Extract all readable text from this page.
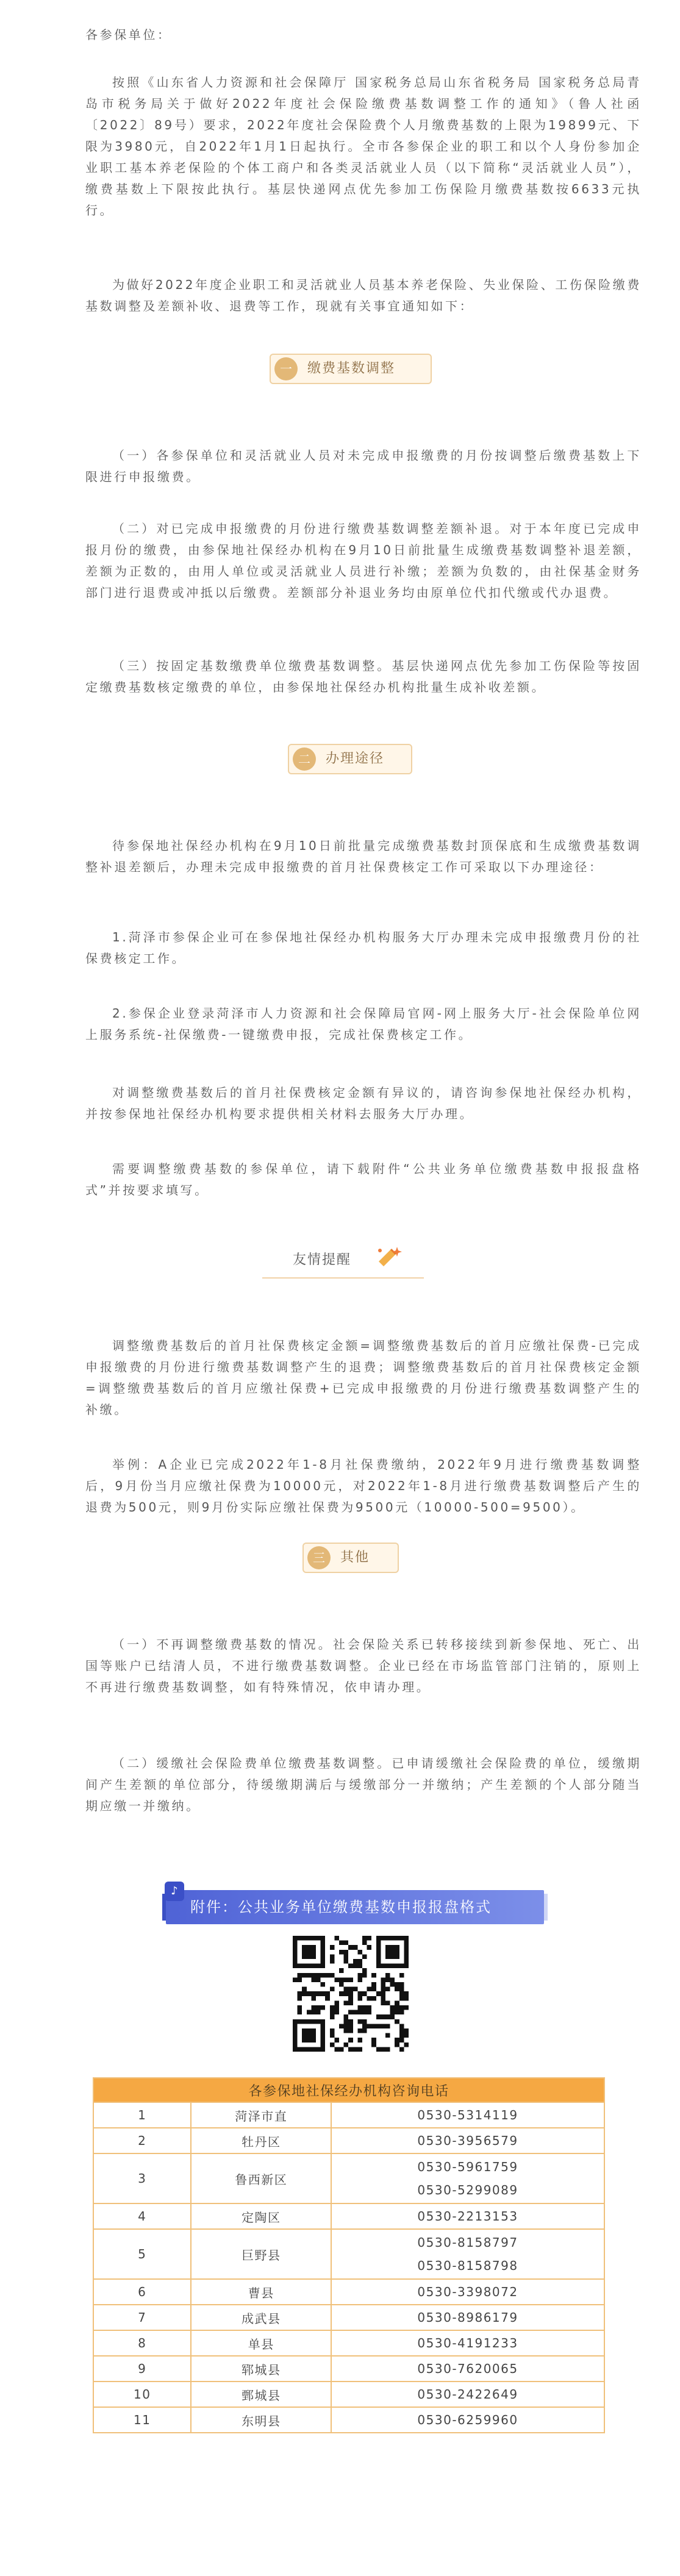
各参保单位：

按照《山东省人力资源和社会保障厅 国家税务总局山东省税务局 国家税务总局青岛市税务局关于做好2022年度社会保险缴费基数调整工作的通知》（鲁人社函〔2022〕89号）要求，2022年度社会保险费个人月缴费基数的上限为19899元、下限为3980元，自2022年1月1日起执行。全市各参保企业的职工和以个人身份参加企业职工基本养老保险的个体工商户和各类灵活就业人员（以下简称“灵活就业人员”），缴费基数上下限按此执行。基层快递网点优先参加工伤保险月缴费基数按6633元执行。

为做好2022年度企业职工和灵活就业人员基本养老保险、失业保险、工伤保险缴费基数调整及差额补收、退费等工作，现就有关事宜通知如下：

一	缴费基数调整

（一）各参保单位和灵活就业人员对未完成申报缴费的月份按调整后缴费基数上下限进行申报缴费。

（二）对已完成申报缴费的月份进行缴费基数调整差额补退。对于本年度已完成申报月份的缴费，由参保地社保经办机构在9月10日前批量生成缴费基数调整补退差额，差额为正数的，由用人单位或灵活就业人员进行补缴；差额为负数的，由社保基金财务部门进行退费或冲抵以后缴费。差额部分补退业务均由原单位代扣代缴或代办退费。

（三）按固定基数缴费单位缴费基数调整。基层快递网点优先参加工伤保险等按固定缴费基数核定缴费的单位，由参保地社保经办机构批量生成补收差额。

二	办理途径

待参保地社保经办机构在9月10日前批量完成缴费基数封顶保底和生成缴费基数调整补退差额后，办理未完成申报缴费的首月社保费核定工作可采取以下办理途径：

1.菏泽市参保企业可在参保地社保经办机构服务大厅办理未完成申报缴费月份的社保费核定工作。

2.参保企业登录菏泽市人力资源和社会保障局官网-网上服务大厅-社会保险单位网上服务系统-社保缴费-一键缴费申报，完成社保费核定工作。

对调整缴费基数后的首月社保费核定金额有异议的，请咨询参保地社保经办机构，并按参保地社保经办机构要求提供相关材料去服务大厅办理。

需要调整缴费基数的参保单位，请下载附件“公共业务单位缴费基数申报报盘格式”并按要求填写。

友情提醒

调整缴费基数后的首月社保费核定金额=调整缴费基数后的首月应缴社保费-已完成申报缴费的月份进行缴费基数调整产生的退费；调整缴费基数后的首月社保费核定金额=调整缴费基数后的首月应缴社保费+已完成申报缴费的月份进行缴费基数调整产生的补缴。

举例：A企业已完成2022年1-8月社保费缴纳，2022年9月进行缴费基数调整后，9月份当月应缴社保费为10000元，对2022年1-8月进行缴费基数调整后产生的退费为500元，则9月份实际应缴社保费为9500元（10000-500=9500）。

三	其他

（一）不再调整缴费基数的情况。社会保险关系已转移接续到新参保地、死亡、出国等账户已结清人员，不进行缴费基数调整。企业已经在市场监管部门注销的，原则上不再进行缴费基数调整，如有特殊情况，依申请办理。

（二）缓缴社会保险费单位缴费基数调整。已申请缓缴社会保险费的单位，缓缴期间产生差额的单位部分，待缓缴期满后与缓缴部分一并缴纳；产生差额的个人部分随当期应缴一并缴纳。

♪
附件：公共业务单位缴费基数申报报盘格式
各参保地社保经办机构咨询电话		
1	菏泽市直	0530-5314119

2	牡丹区	0530-3956579

3	鲁西新区	0530-5961759
0530-5299089

4	定陶区	0530-2213153

5	巨野县	0530-8158797
0530-8158798

6	曹县	0530-3398072

7	成武县	0530-8986179

8	单县	0530-4191233

9	郓城县	0530-7620065

10	鄄城县	0530-2422649

11	东明县	0530-6259960
